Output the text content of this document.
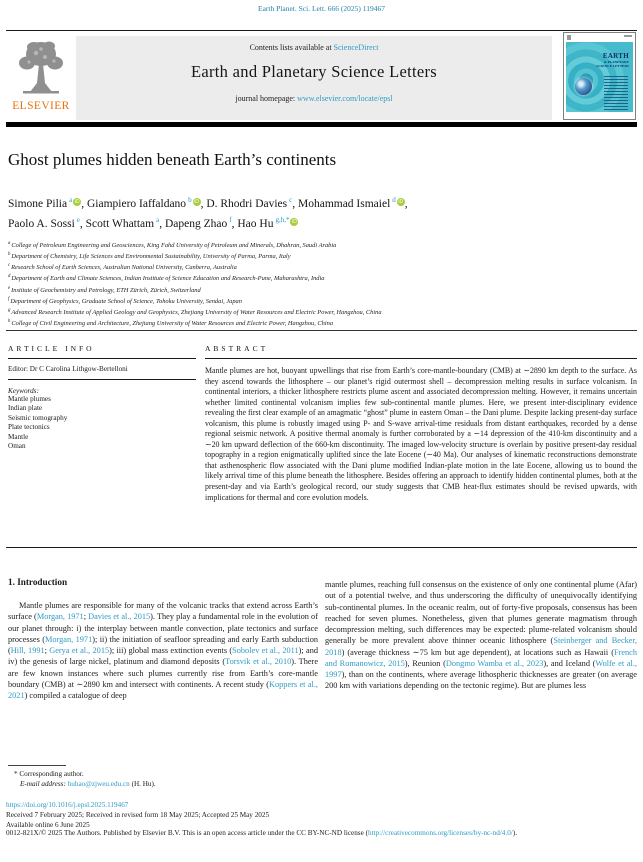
Earth Planet. Sci. Lett. 666 (2025) 119467
ELSEVIER
Contents lists available at ScienceDirect
Earth and Planetary Science Letters
journal homepage: www.elsevier.com/locate/epsl
EARTH
& PLANETARY
SCIENCE LETTERS
Ghost plumes hidden beneath Earth’s continents
Simone Pilia $^a$ iD , Giampiero Iaffaldano $^b$ iD , D. Rhodri Davies $^c$, Mohammad Ismaiel $^d$ iD ,
Paolo A. Sossi $^e$, Scott Whattam $^a$, Dapeng Zhao $^f$, Hao Hu $^{g,h,*}$ iD
$^a$College of Petroleum Engineering and Geosciences, King Fahd University of Petroleum and Minerals, Dhahran, Saudi Arabia
$^b$Department of Chemistry, Life Sciences and Environmental Sustainability, University of Parma, Parma, Italy
$^c$Research School of Earth Sciences, Australian National University, Canberra, Australia
$^d$Department of Earth and Climate Sciences, Indian Institute of Science Education and Research-Pune, Maharashtra, India
$^e$Institute of Geochemistry and Petrology, ETH Zürich, Zürich, Switzerland
$^f$Department of Geophysics, Graduate School of Science, Tohoku University, Sendai, Japan
$^g$Advanced Research Institute of Applied Geology and Geophysics, Zhejiang University of Water Resources and Electric Power, Hangzhou, China
$^h$College of Civil Engineering and Architecture, Zhejiang University of Water Resources and Electric Power, Hangzhou, China
ARTICLE INFO
Editor: Dr C Carolina Lithgow-Bertelloni
Keywords:
Mantle plumes
Indian plate
Seismic tomography
Plate tectonics
Mantle
Oman
ABSTRACT
Mantle plumes are hot, buoyant upwellings that rise from Earth’s core-mantle-boundary (CMB) at ∼2890 km depth to the surface. As they ascend towards the lithosphere – our planet’s rigid outermost shell – decompression melting results in surface volcanism. In continental interiors, a thicker lithosphere restricts plume ascent and associated decompression melting. However, it remains uncertain whether limited continental volcanism implies few sub-continental mantle plumes. Here, we present inter-disciplinary evidence revealing the first clear example of an amagmatic “ghost” plume in eastern Oman – the Dani plume. Despite lacking present-day surface volcanism, this plume is robustly imaged using P- and S-wave arrival-time residuals from distant earthquakes, recorded by a dense regional seismic network. A positive thermal anomaly is further corroborated by a ∼14 depression of the 410-km discontinuity and a ∼20 km upward deflection of the 660-km discontinuity. The imaged low-velocity structure is overlain by positive present-day residual topography in a region enigmatically uplifted since the late Eocene (∼40 Ma). Our analyses of kinematic reconstructions demonstrate that asthenospheric flow associated with the Dani plume modified Indian-plate motion in the late Eocene, allowing us to bound the likely arrival time of this plume beneath the lithosphere. Besides offering an approach to identify hidden continental plumes, both at the present-day and via Earth’s geological record, our study suggests that CMB heat-flux estimates should be revised upwards, with implications for thermal and core evolution models.
1. Introduction
Mantle plumes are responsible for many of the volcanic tracks that extend across Earth’s surface (Morgan, 1971; Davies et al., 2015). They play a fundamental role in the evolution of our planet through: i) the interplay between mantle convection, plate tectonics and surface processes (Morgan, 1971); ii) the initiation of seafloor spreading and early Earth subduction (Hill, 1991; Gerya et al., 2015); iii) global mass extinction events (Sobolev et al., 2011); and iv) the genesis of large nickel, platinum and diamond deposits (Torsvik et al., 2010). There are few known instances where such plumes currently rise from Earth’s core-mantle boundary (CMB) at ∼2890 km and intersect with continents. A recent study (Koppers et al., 2021) compiled a catalogue of deep
mantle plumes, reaching full consensus on the existence of only one continental plume (Afar) out of a potential twelve, and thus underscoring the difficulty of unequivocally identifying sub-continental plumes. In the oceanic realm, out of forty-five proposals, consensus has been reached for seven plumes. Nonetheless, given that plumes generate magmatism through decompression melting, such differences may be expected: plume-related volcanism should generally be more prevalent above thinner oceanic lithosphere (Steinberger and Becker, 2018) (average thickness ∼75 km but age dependent), at locations such as Hawaii (French and Romanowicz, 2015), Reunion (Dongmo Wamba et al., 2023), and Iceland (Wolfe et al., 1997), than on the continents, where average lithospheric thicknesses are greater (on average 200 km with variations depending on the tectonic regime). But are plumes less
* Corresponding author.
E-mail address: huhao@zjweu.edu.cn (H. Hu).
https://doi.org/10.1016/j.epsl.2025.119467
Received 7 February 2025; Received in revised form 18 May 2025; Accepted 25 May 2025
Available online 6 June 2025
0012-821X/© 2025 The Authors. Published by Elsevier B.V. This is an open access article under the CC BY-NC-ND license (http://creativecommons.org/licenses/by-nc-nd/4.0/).
